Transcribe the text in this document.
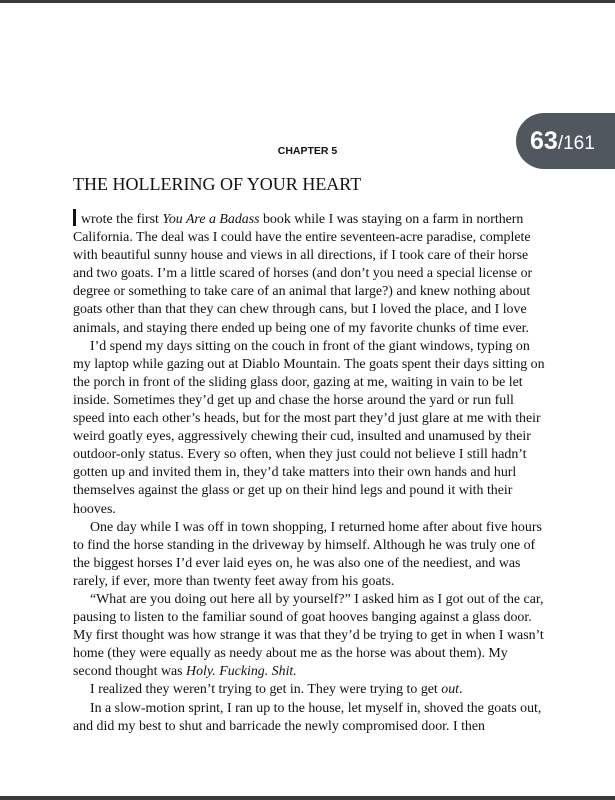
63/161
CHAPTER 5
THE HOLLERING OF YOUR HEART

wrote the first You Are a Badass book while I was staying on a farm in northern California. The deal was I could have the entire seventeen-acre paradise, complete with beautiful sunny house and views in all directions, if I took care of their horse and two goats. I’m a little scared of horses (and don’t you need a special license or degree or something to take care of an animal that large?) and knew nothing about goats other than that they can chew through cans, but I loved the place, and I love animals, and staying there ended up being one of my favorite chunks of time ever.

I’d spend my days sitting on the couch in front of the giant windows, typing on my laptop while gazing out at Diablo Mountain. The goats spent their days sitting on the porch in front of the sliding glass door, gazing at me, waiting in vain to be let inside. Sometimes they’d get up and chase the horse around the yard or run full speed into each other’s heads, but for the most part they’d just glare at me with their weird goatly eyes, aggressively chewing their cud, insulted and unamused by their outdoor-only status. Every so often, when they just could not believe I still hadn’t gotten up and invited them in, they’d take matters into their own hands and hurl themselves against the glass or get up on their hind legs and pound it with their hooves.

One day while I was off in town shopping, I returned home after about five hours to find the horse standing in the driveway by himself. Although he was truly one of the biggest horses I’d ever laid eyes on, he was also one of the neediest, and was rarely, if ever, more than twenty feet away from his goats.

“What are you doing out here all by yourself?” I asked him as I got out of the car, pausing to listen to the familiar sound of goat hooves banging against a glass door. My first thought was how strange it was that they’d be trying to get in when I wasn’t home (they were equally as needy about me as the horse was about them). My second thought was Holy. Fucking. Shit.

I realized they weren’t trying to get in. They were trying to get out.

In a slow-motion sprint, I ran up to the house, let myself in, shoved the goats out, and did my best to shut and barricade the newly compromised door. I then
